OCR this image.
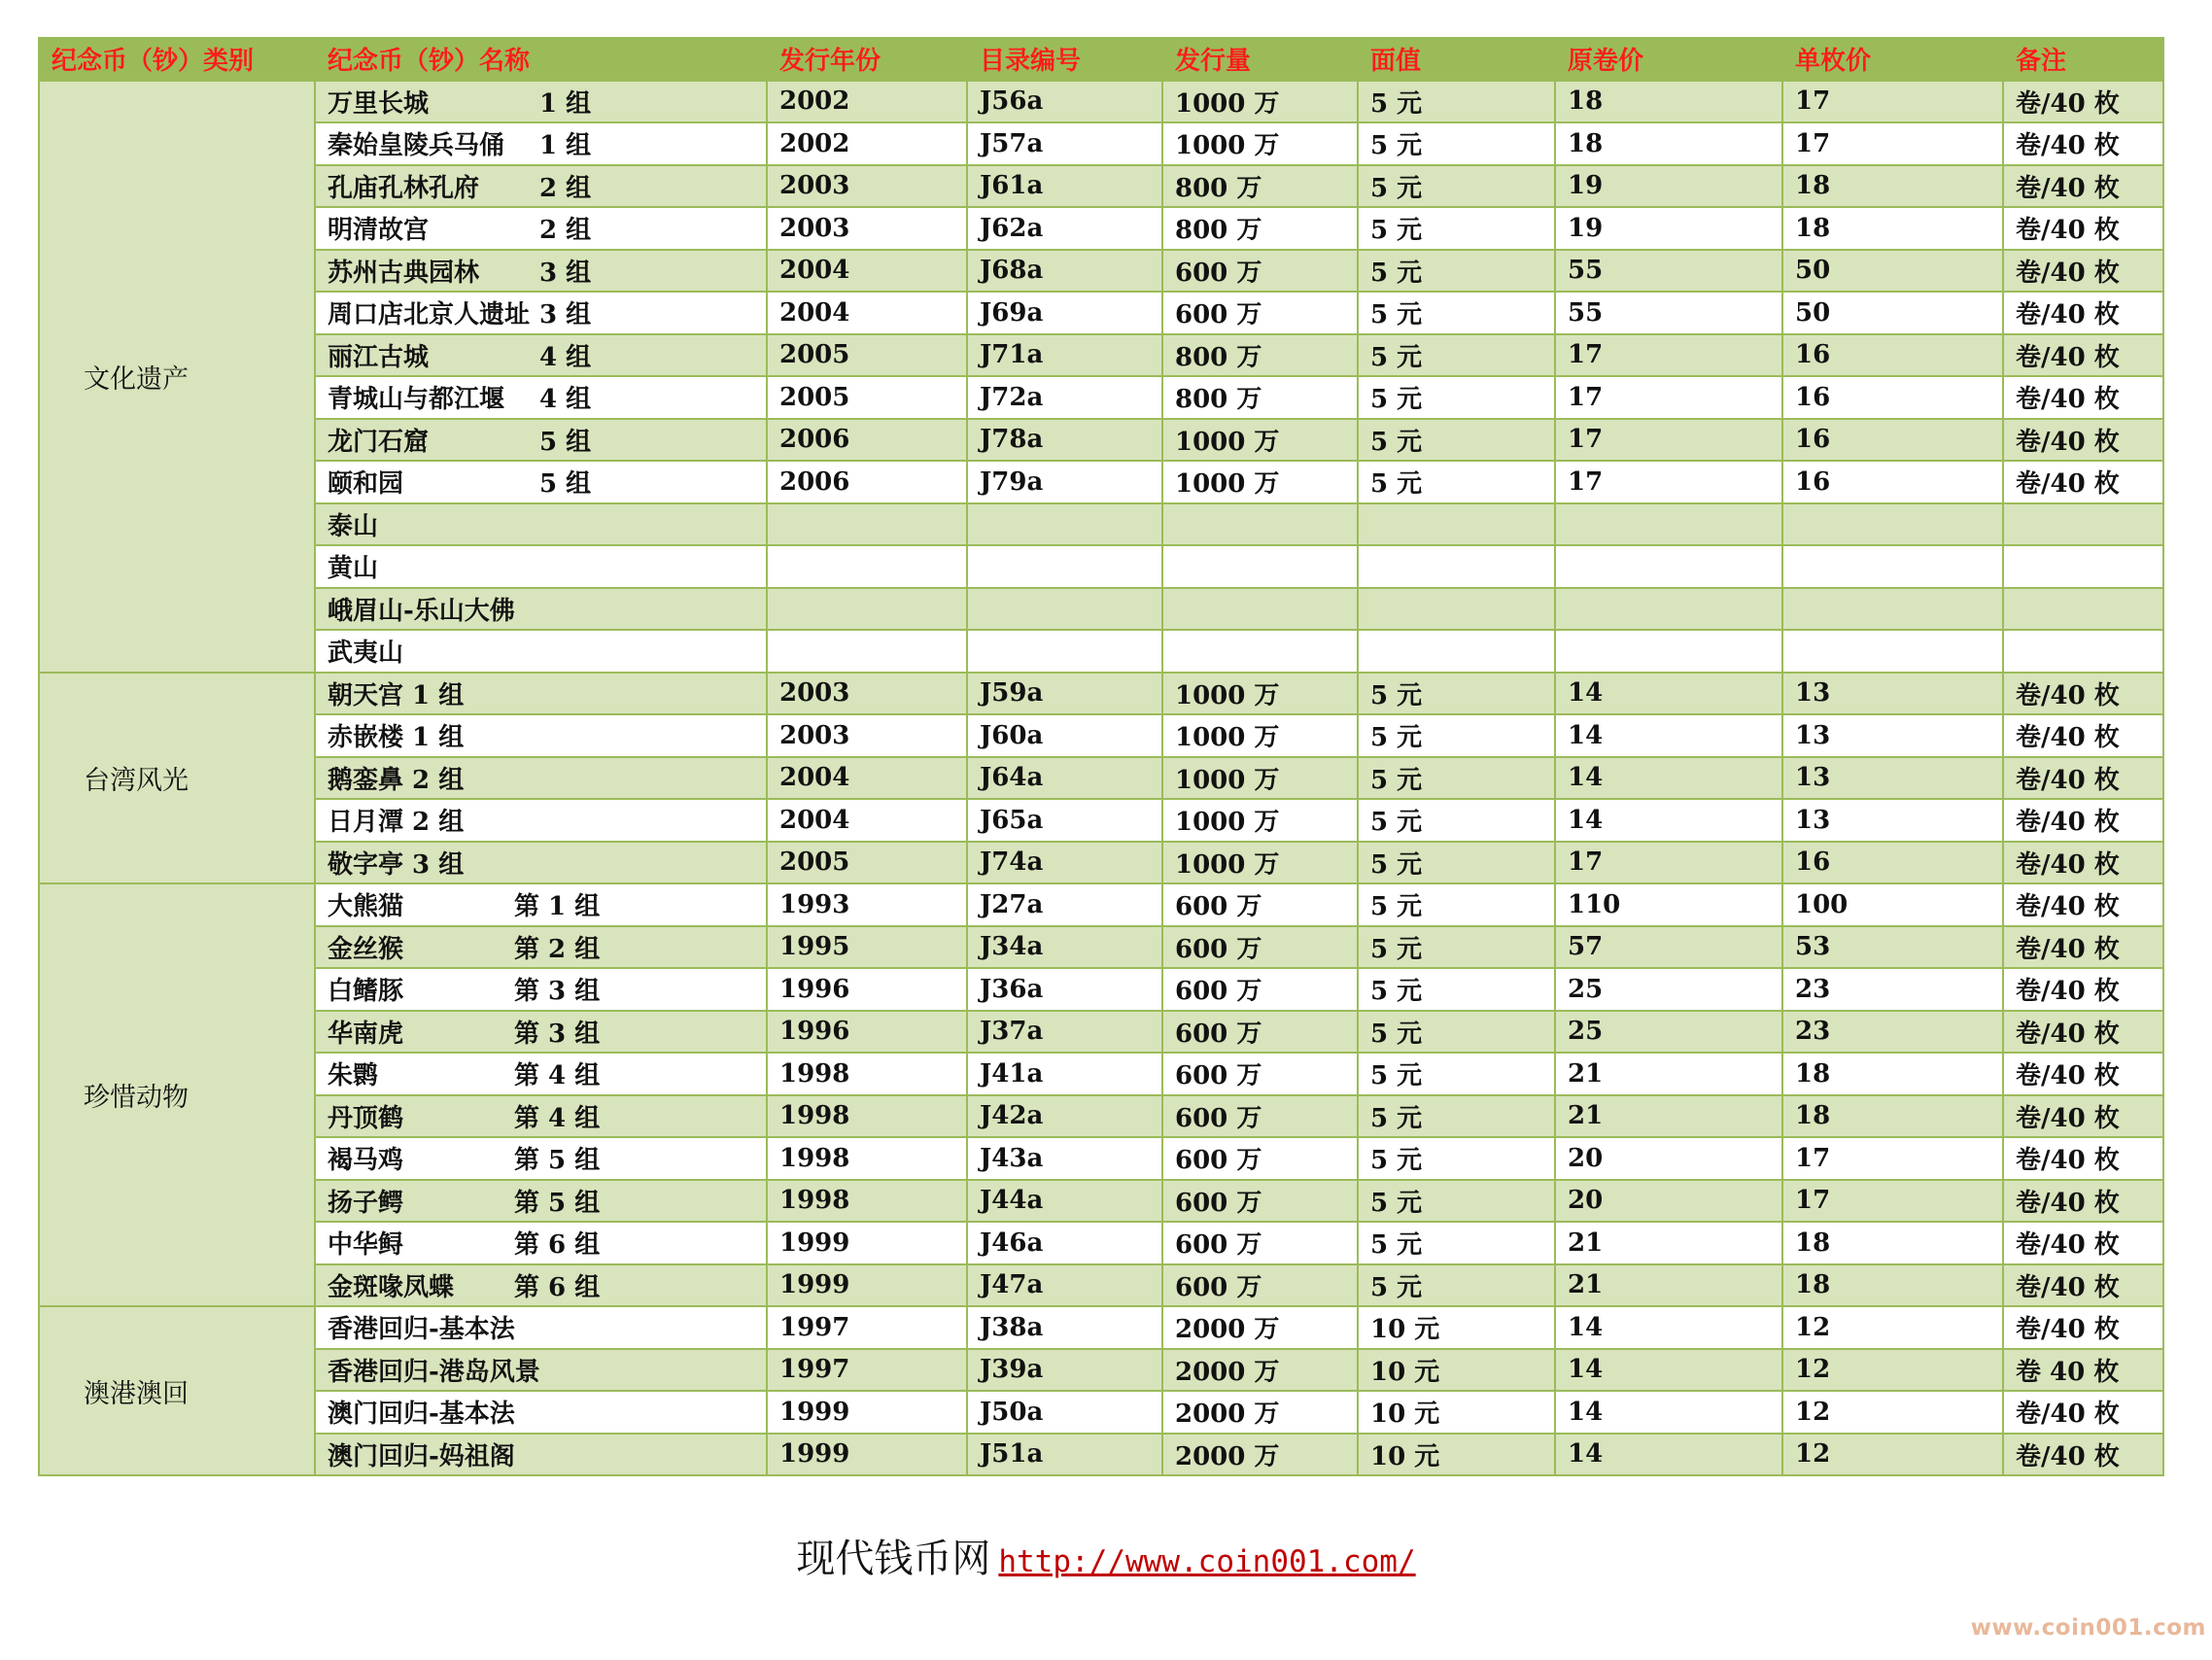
纪念币（钞）类别	纪念币（钞）名称	发行年份	目录编号	发行量	面值	原卷价	单枚价	备注
文化遗产	万里长城 1 组	2002	J56a	1000 万	5 元	18	17	卷/40 枚

	秦始皇陵兵马俑 1 组	2002	J57a	1000 万	5 元	18	17	卷/40 枚

	孔庙孔林孔府 2 组	2003	J61a	800 万	5 元	19	18	卷/40 枚

	明清故宫 2 组	2003	J62a	800 万	5 元	19	18	卷/40 枚

	苏州古典园林 3 组	2004	J68a	600 万	5 元	55	50	卷/40 枚

	周口店北京人遗址 3 组	2004	J69a	600 万	5 元	55	50	卷/40 枚

	丽江古城 4 组	2005	J71a	800 万	5 元	17	16	卷/40 枚

	青城山与都江堰 4 组	2005	J72a	800 万	5 元	17	16	卷/40 枚

	龙门石窟 5 组	2006	J78a	1000 万	5 元	17	16	卷/40 枚

	颐和园 5 组	2006	J79a	1000 万	5 元	17	16	卷/40 枚

	泰山							

	黄山							

	峨眉山-乐山大佛							

	武夷山							

台湾风光	朝天宫 1 组	2003	J59a	1000 万	5 元	14	13	卷/40 枚

	赤嵌楼 1 组	2003	J60a	1000 万	5 元	14	13	卷/40 枚

	鹅銮鼻 2 组	2004	J64a	1000 万	5 元	14	13	卷/40 枚

	日月潭 2 组	2004	J65a	1000 万	5 元	14	13	卷/40 枚

	敬字亭 3 组	2005	J74a	1000 万	5 元	17	16	卷/40 枚
珍惜动物	大熊猫 第 1 组	1993	J27a	600 万	5 元	110	100	卷/40 枚

	金丝猴 第 2 组	1995	J34a	600 万	5 元	57	53	卷/40 枚

	白鳍豚 第 3 组	1996	J36a	600 万	5 元	25	23	卷/40 枚

	华南虎 第 3 组	1996	J37a	600 万	5 元	25	23	卷/40 枚

	朱鹮 第 4 组	1998	J41a	600 万	5 元	21	18	卷/40 枚

	丹顶鹤 第 4 组	1998	J42a	600 万	5 元	21	18	卷/40 枚

	褐马鸡 第 5 组	1998	J43a	600 万	5 元	20	17	卷/40 枚

	扬子鳄 第 5 组	1998	J44a	600 万	5 元	20	17	卷/40 枚

	中华鲟 第 6 组	1999	J46a	600 万	5 元	21	18	卷/40 枚

	金斑喙凤蝶 第 6 组	1999	J47a	600 万	5 元	21	18	卷/40 枚
澳港澳回	香港回归-基本法	1997	J38a	2000 万	10 元	14	12	卷/40 枚

	香港回归-港岛风景	1997	J39a	2000 万	10 元	14	12	卷 40 枚

	澳门回归-基本法	1999	J50a	2000 万	10 元	14	12	卷/40 枚

	澳门回归-妈祖阁	1999	J51a	2000 万	10 元	14	12	卷/40 枚
现代钱币网 http://www.coin001.com/
www.coin001.com
